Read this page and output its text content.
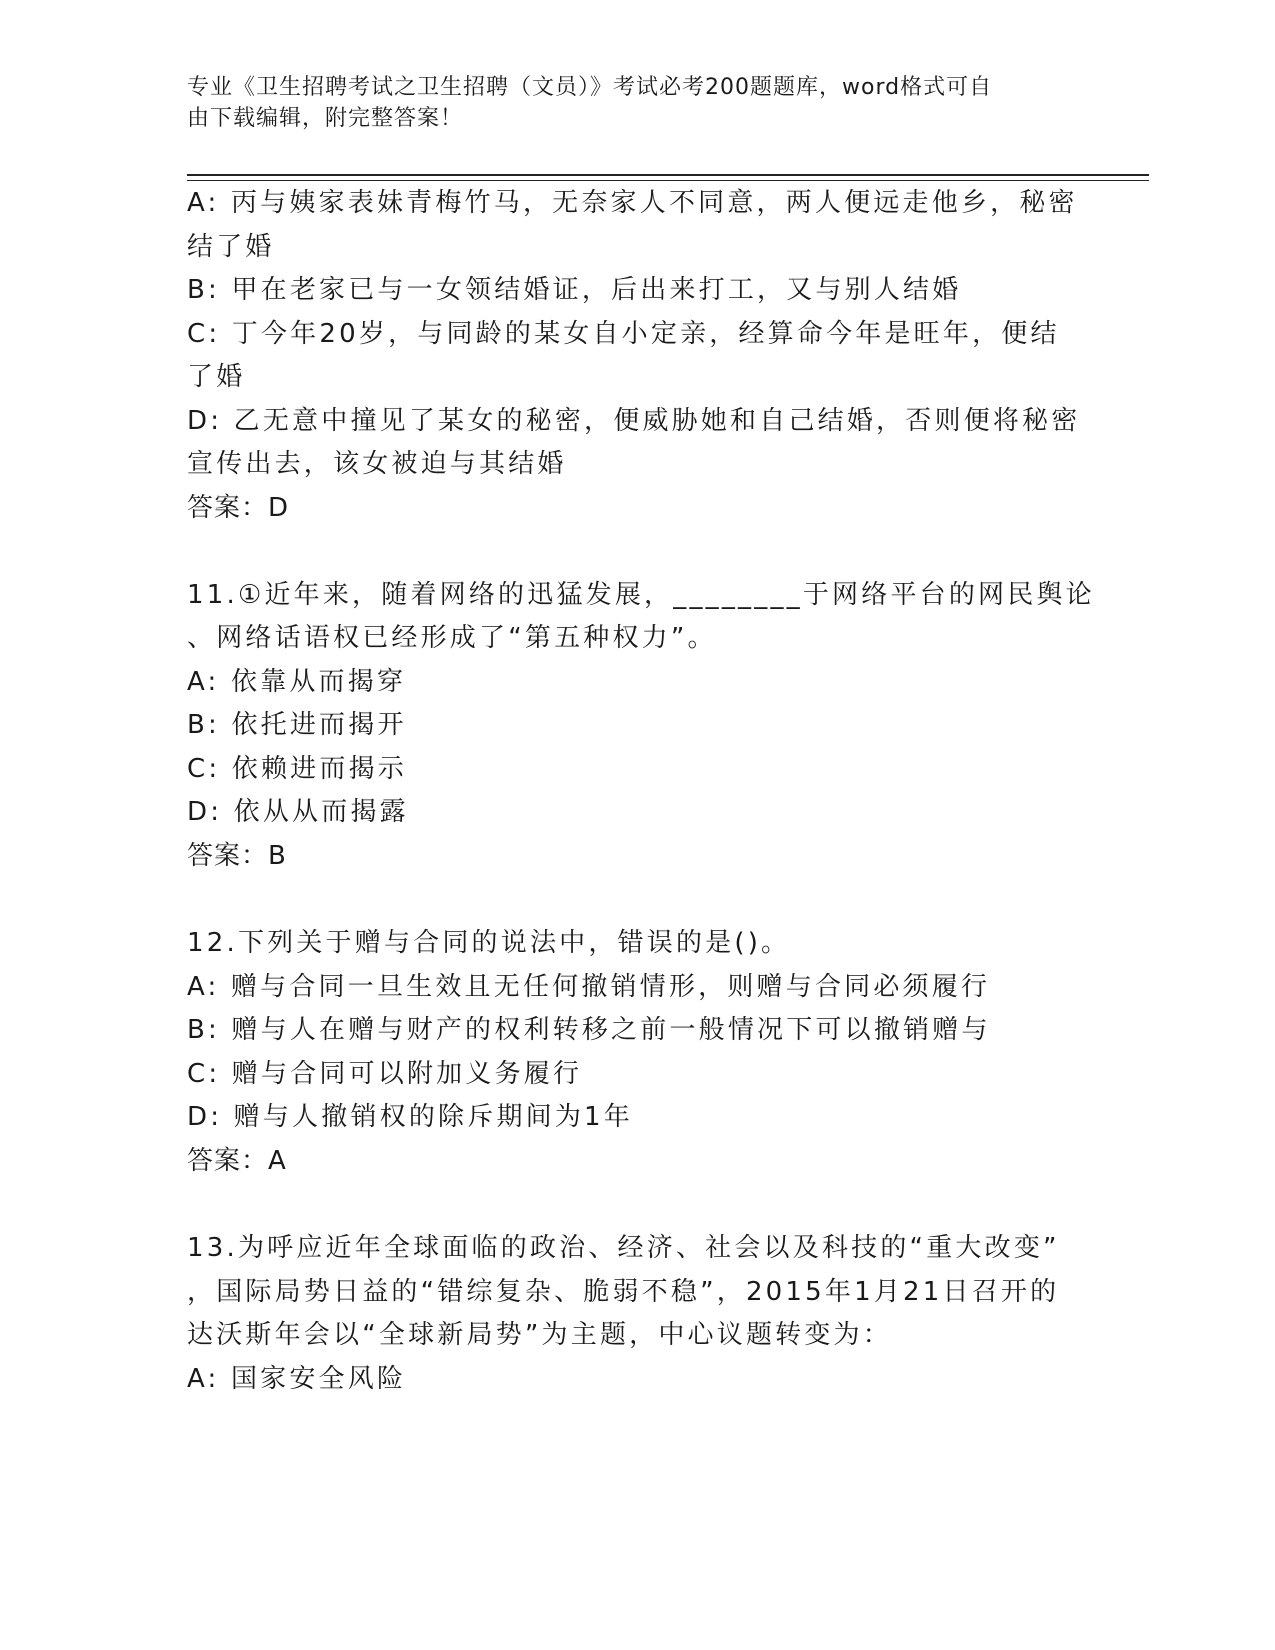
专业《卫生招聘考试之卫生招聘（文员）》考试必考200题题库，word格式可自
由下载编辑，附完整答案！
A: 丙与姨家表妹青梅竹马，无奈家人不同意，两人便远走他乡，秘密
结了婚
B: 甲在老家已与一女领结婚证，后出来打工，又与别人结婚
C: 丁今年20岁，与同龄的某女自小定亲，经算命今年是旺年，便结
了婚
D: 乙无意中撞见了某女的秘密，便威胁她和自己结婚，否则便将秘密
宣传出去，该女被迫与其结婚
答案：D
11.①近年来，随着网络的迅猛发展，________于网络平台的网民舆论
、网络话语权已经形成了“第五种权力”。
A: 依靠从而揭穿
B: 依托进而揭开
C: 依赖进而揭示
D: 依从从而揭露
答案：B
12.下列关于赠与合同的说法中，错误的是()。
A: 赠与合同一旦生效且无任何撤销情形，则赠与合同必须履行
B: 赠与人在赠与财产的权利转移之前一般情况下可以撤销赠与
C: 赠与合同可以附加义务履行
D: 赠与人撤销权的除斥期间为1年
答案：A
13.为呼应近年全球面临的政治、经济、社会以及科技的“重大改变”
，国际局势日益的“错综复杂、脆弱不稳”，2015年1月21日召开的
达沃斯年会以“全球新局势”为主题，中心议题转变为：
A: 国家安全风险
